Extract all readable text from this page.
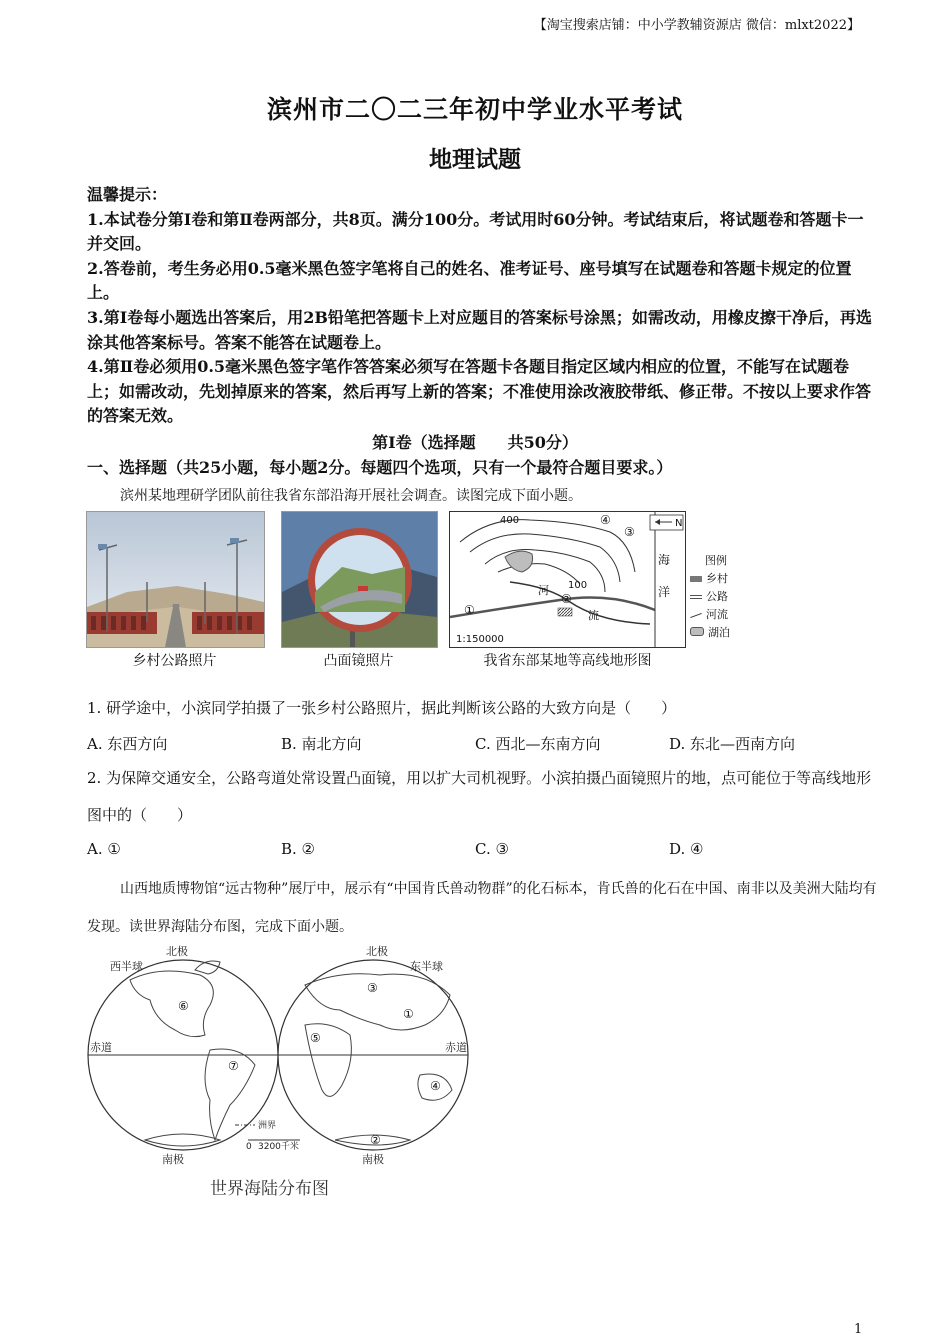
【淘宝搜索店铺：中小学教辅资源店 微信：mlxt2022】
滨州市二〇二三年初中学业水平考试
地理试题

温馨提示：

1.本试卷分第Ⅰ卷和第Ⅱ卷两部分，共8页。满分100分。考试用时60分钟。考试结束后，将试题卷和答题卡一并交回。

2.答卷前，考生务必用0.5毫米黑色签字笔将自己的姓名、准考证号、座号填写在试题卷和答题卡规定的位置上。

3.第Ⅰ卷每小题选出答案后，用2B铅笔把答题卡上对应题目的答案标号涂黑；如需改动，用橡皮擦干净后，再选涂其他答案标号。答案不能答在试题卷上。

4.第Ⅱ卷必须用0.5毫米黑色签字笔作答答案必须写在答题卡各题目指定区域内相应的位置，不能写在试题卷上；如需改动，先划掉原来的答案，然后再写上新的答案；不准使用涂改液胶带纸、修正带。不按以上要求作答的答案无效。

第Ⅰ卷（选择题　　共50分）
一、选择题（共25小题，每小题2分。每题四个选项，只有一个最符合题目要求。）
滨州某地理研学团队前往我省东部沿海开展社会调查。读图完成下面小题。
乡村公路照片	凸面镜照片
N
400
100
河
流
海
洋
①
②
③
④
1:150000
图例
乡村
公路
河流
湖泊
我省东部某地等高线地形图
1. 研学途中，小滨同学拍摄了一张乡村公路照片，据此判断该公路的大致方向是（　　）
A. 东西方向	B. 南北方向	C. 西北—东南方向	D. 东北—西南方向
2. 为保障交通安全，公路弯道处常设置凸面镜，用以扩大司机视野。小滨拍摄凸面镜照片的地，点可能位于等高线地形图中的（　　）
A. ①	B. ②	C. ③	D. ④
山西地质博物馆“远古物种”展厅中，展示有“中国肯氏兽动物群”的化石标本，肯氏兽的化石在中国、南非以及美洲大陆均有发现。读世界海陆分布图，完成下面小题。
北极	北极
西半球	东半球
赤道	赤道
南极	南极
①
②
③
④
⑤
⑥
⑦
洲界
0 3200千米
世界海陆分布图
1
